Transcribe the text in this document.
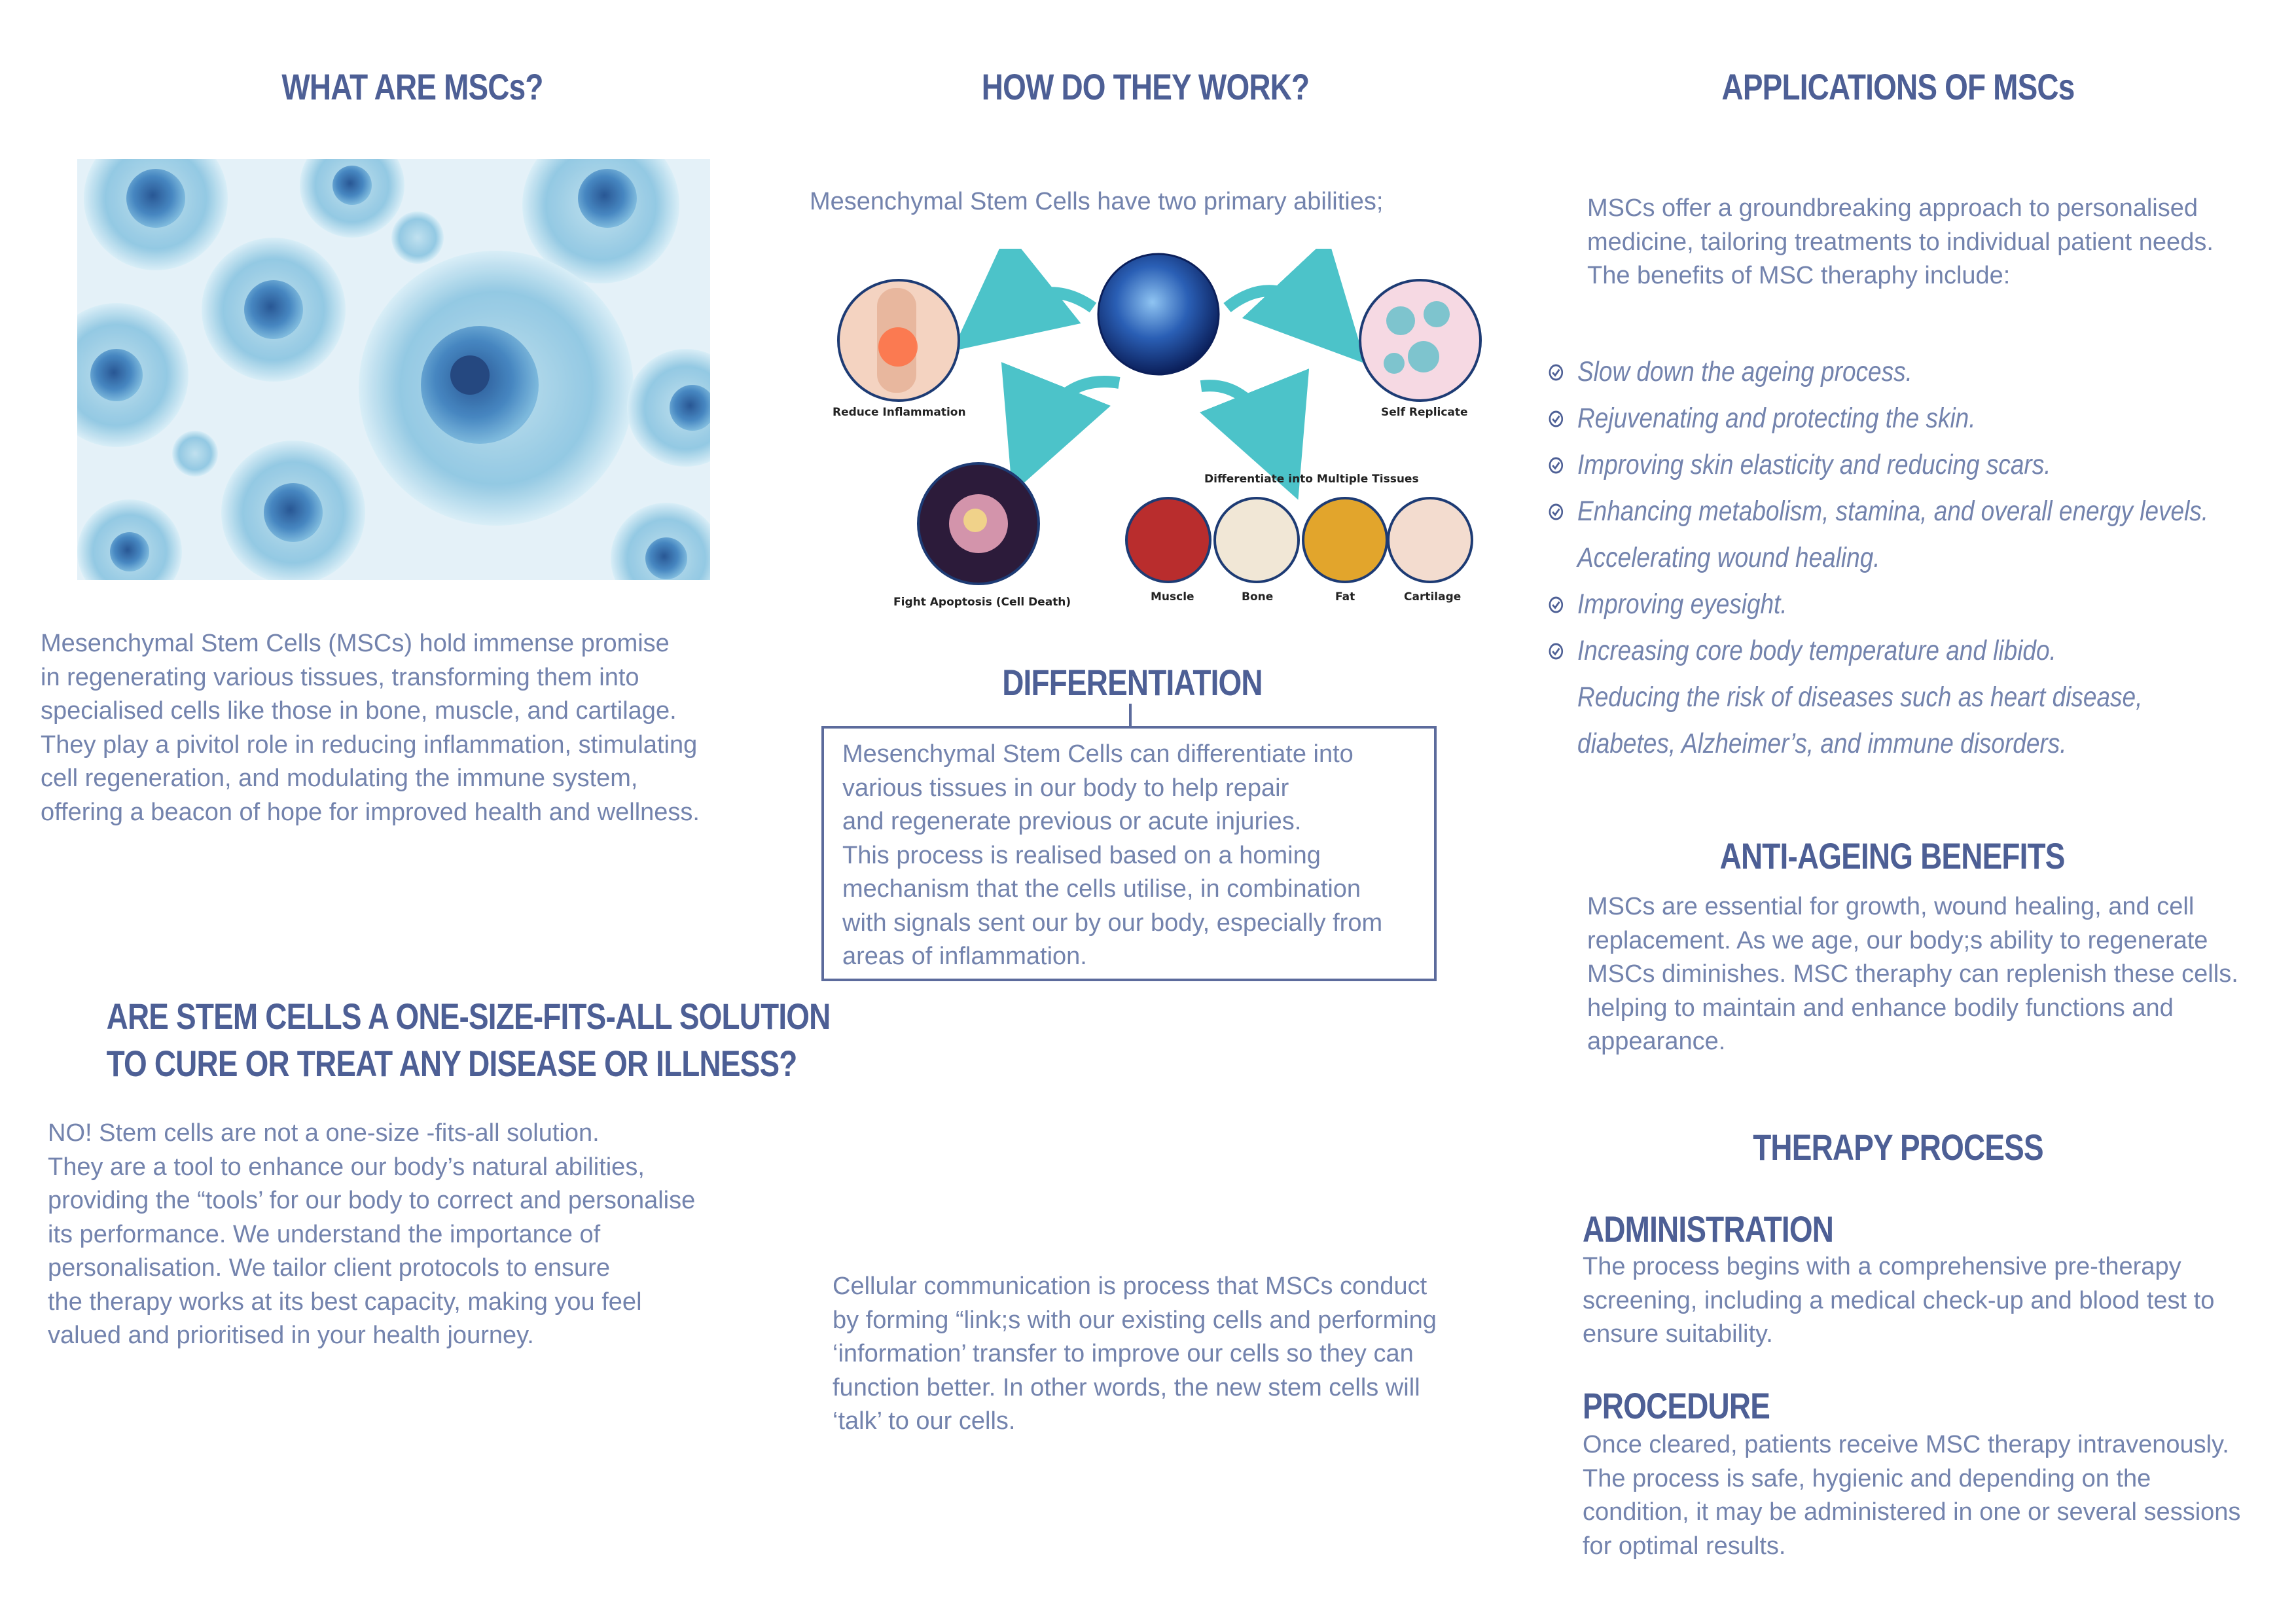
WHAT ARE MSCs?
Mesenchymal Stem Cells (MSCs) hold immense promise
in regenerating various tissues, transforming them into
specialised cells like those in bone, muscle, and cartilage.
They play a pivitol role in reducing inflammation, stimulating
cell regeneration, and modulating the immune system,
offering a beacon of hope for improved health and wellness.
ARE STEM CELLS A ONE-SIZE-FITS-ALL SOLUTION
TO CURE OR TREAT ANY DISEASE OR ILLNESS?
NO! Stem cells are not a one-size -fits-all solution.
They are a tool to enhance our body’s natural abilities,
providing the “tools’ for our body to correct and personalise
its performance. We understand the importance of
personalisation. We tailor client protocols to ensure
the therapy works at its best capacity, making you feel
valued and prioritised in your health journey.
HOW DO THEY WORK?
Mesenchymal Stem Cells have two primary abilities;
Reduce Inflammation	Self Replicate
Differentiate into Multiple Tissues
Fight Apoptosis (Cell Death)	Muscle	Bone	Fat	Cartilage
DIFFERENTIATION
Mesenchymal Stem Cells can differentiate into
various tissues in our body to help repair
and regenerate previous or acute injuries.
This process is realised based on a homing
mechanism that the cells utilise, in combination
with signals sent our by our body, especially from
areas of inflammation.
Cellular communication is process that MSCs conduct
by forming “link;s with our existing cells and performing
‘information’ transfer to improve our cells so they can
function better. In other words, the new stem cells will
‘talk’ to our cells.
APPLICATIONS OF MSCs
MSCs offer a groundbreaking approach to personalised
medicine, tailoring treatments to individual patient needs.
The benefits of MSC theraphy include:
Slow down the ageing process.
Rejuvenating and protecting the skin.
Improving skin elasticity and reducing scars.
Enhancing metabolism, stamina, and overall energy levels.
Accelerating wound healing.
Improving eyesight.
Increasing core body temperature and libido.
Reducing the risk of diseases such as heart disease,
diabetes, Alzheimer’s, and immune disorders.
ANTI-AGEING BENEFITS
MSCs are essential for growth, wound healing, and cell
replacement. As we age, our body;s ability to regenerate
MSCs diminishes. MSC theraphy can replenish these cells.
helping to maintain and enhance bodily functions and
appearance.
THERAPY PROCESS
ADMINISTRATION
The process begins with a comprehensive pre-therapy
screening, including a medical check-up and blood test to
ensure suitability.
PROCEDURE
Once cleared, patients receive MSC therapy intravenously.
The process is safe, hygienic and depending on the
condition, it may be administered in one or several sessions
for optimal results.
